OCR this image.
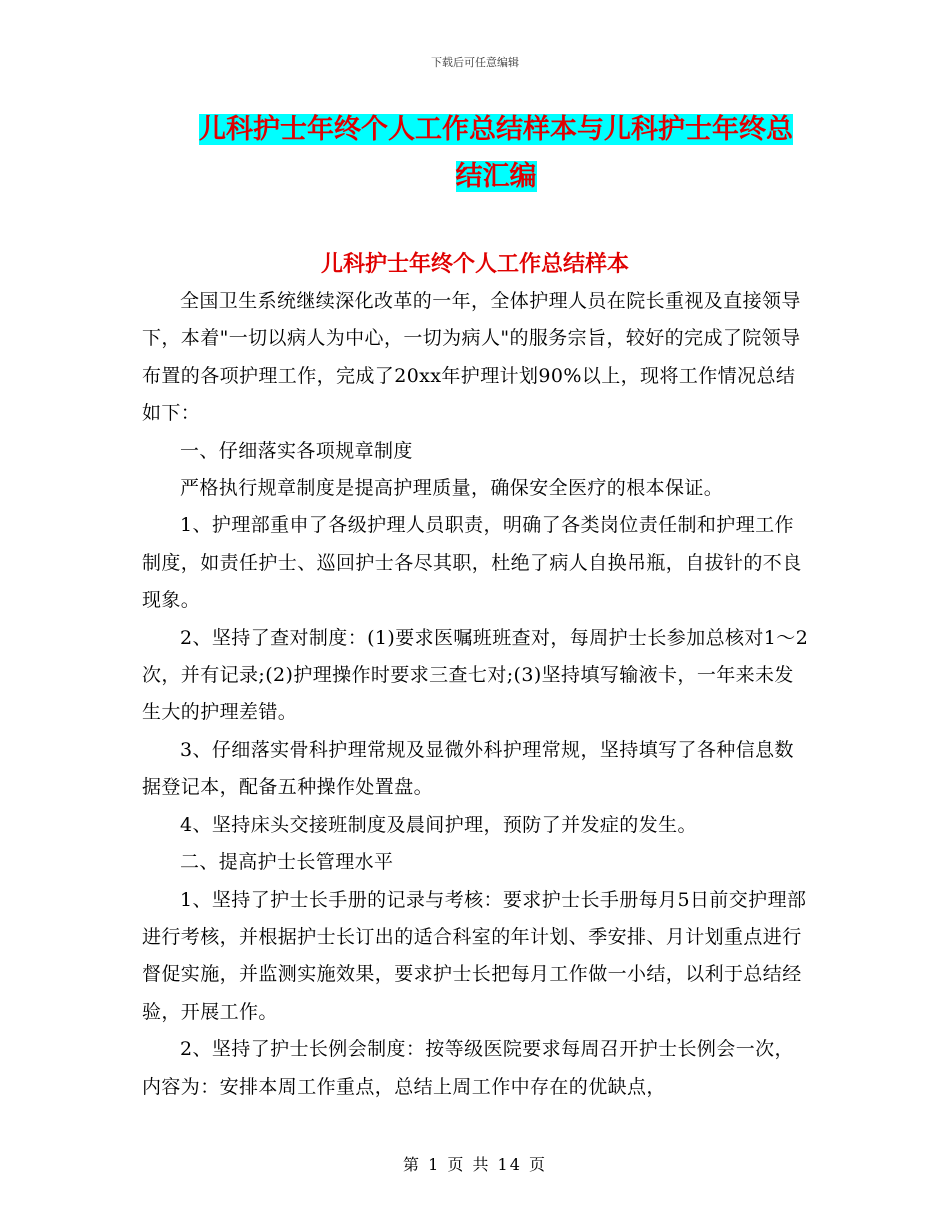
下载后可任意编辑
儿科护士年终个人工作总结样本与儿科护士年终总结汇编
儿科护士年终个人工作总结样本

全国卫生系统继续深化改革的一年，全体护理人员在院长重视及直接领导下，本着"一切以病人为中心，一切为病人"的服务宗旨，较好的完成了院领导布置的各项护理工作，完成了20xx年护理计划90%以上，现将工作情况总结如下：

一、仔细落实各项规章制度

严格执行规章制度是提高护理质量，确保安全医疗的根本保证。

1、护理部重申了各级护理人员职责，明确了各类岗位责任制和护理工作制度，如责任护士、巡回护士各尽其职，杜绝了病人自换吊瓶，自拔针的不良现象。

2、坚持了查对制度：(1)要求医嘱班班查对，每周护士长参加总核对1～2次，并有记录;(2)护理操作时要求三查七对;(3)坚持填写输液卡，一年来未发生大的护理差错。

3、仔细落实骨科护理常规及显微外科护理常规，坚持填写了各种信息数据登记本，配备五种操作处置盘。

4、坚持床头交接班制度及晨间护理，预防了并发症的发生。

二、提高护士长管理水平

1、坚持了护士长手册的记录与考核：要求护士长手册每月5日前交护理部进行考核，并根据护士长订出的适合科室的年计划、季安排、月计划重点进行督促实施，并监测实施效果，要求护士长把每月工作做一小结，以利于总结经验，开展工作。

2、坚持了护士长例会制度：按等级医院要求每周召开护士长例会一次，内容为：安排本周工作重点，总结上周工作中存在的优缺点，

第 1 页 共 14 页
